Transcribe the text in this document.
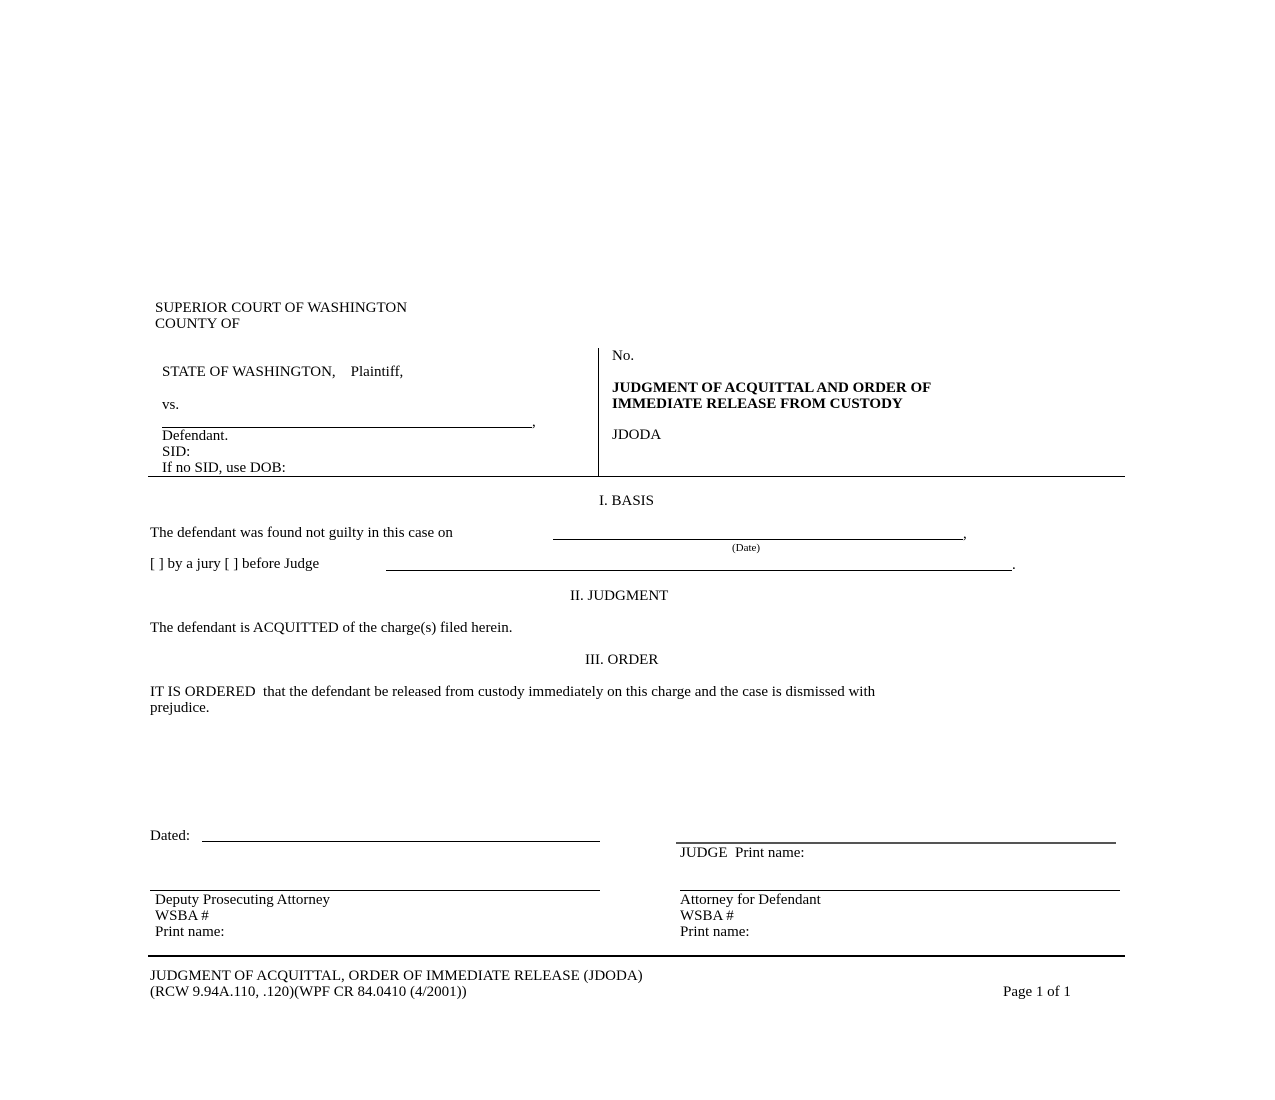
SUPERIOR COURT OF WASHINGTON
COUNTY OF
STATE OF WASHINGTON,    Plaintiff,
vs.
,
Defendant.
SID:
If no SID, use DOB:
No.
JUDGMENT OF ACQUITTAL AND ORDER OF
IMMEDIATE RELEASE FROM CUSTODY
JDODA
I. BASIS
The defendant was found not guilty in this case on	,
(Date)
[ ] by a jury [ ] before Judge	.
II. JUDGMENT
The defendant is ACQUITTED of the charge(s) filed herein.
III. ORDER
IT IS ORDERED  that the defendant be released from custody immediately on this charge and the case is dismissed with
prejudice.
Dated:
JUDGE  Print name:
Deputy Prosecuting Attorney
WSBA #
Print name:
Attorney for Defendant
WSBA #
Print name:
JUDGMENT OF ACQUITTAL, ORDER OF IMMEDIATE RELEASE (JDODA)
(RCW 9.94A.110, .120)(WPF CR 84.0410 (4/2001))	Page 1 of 1
